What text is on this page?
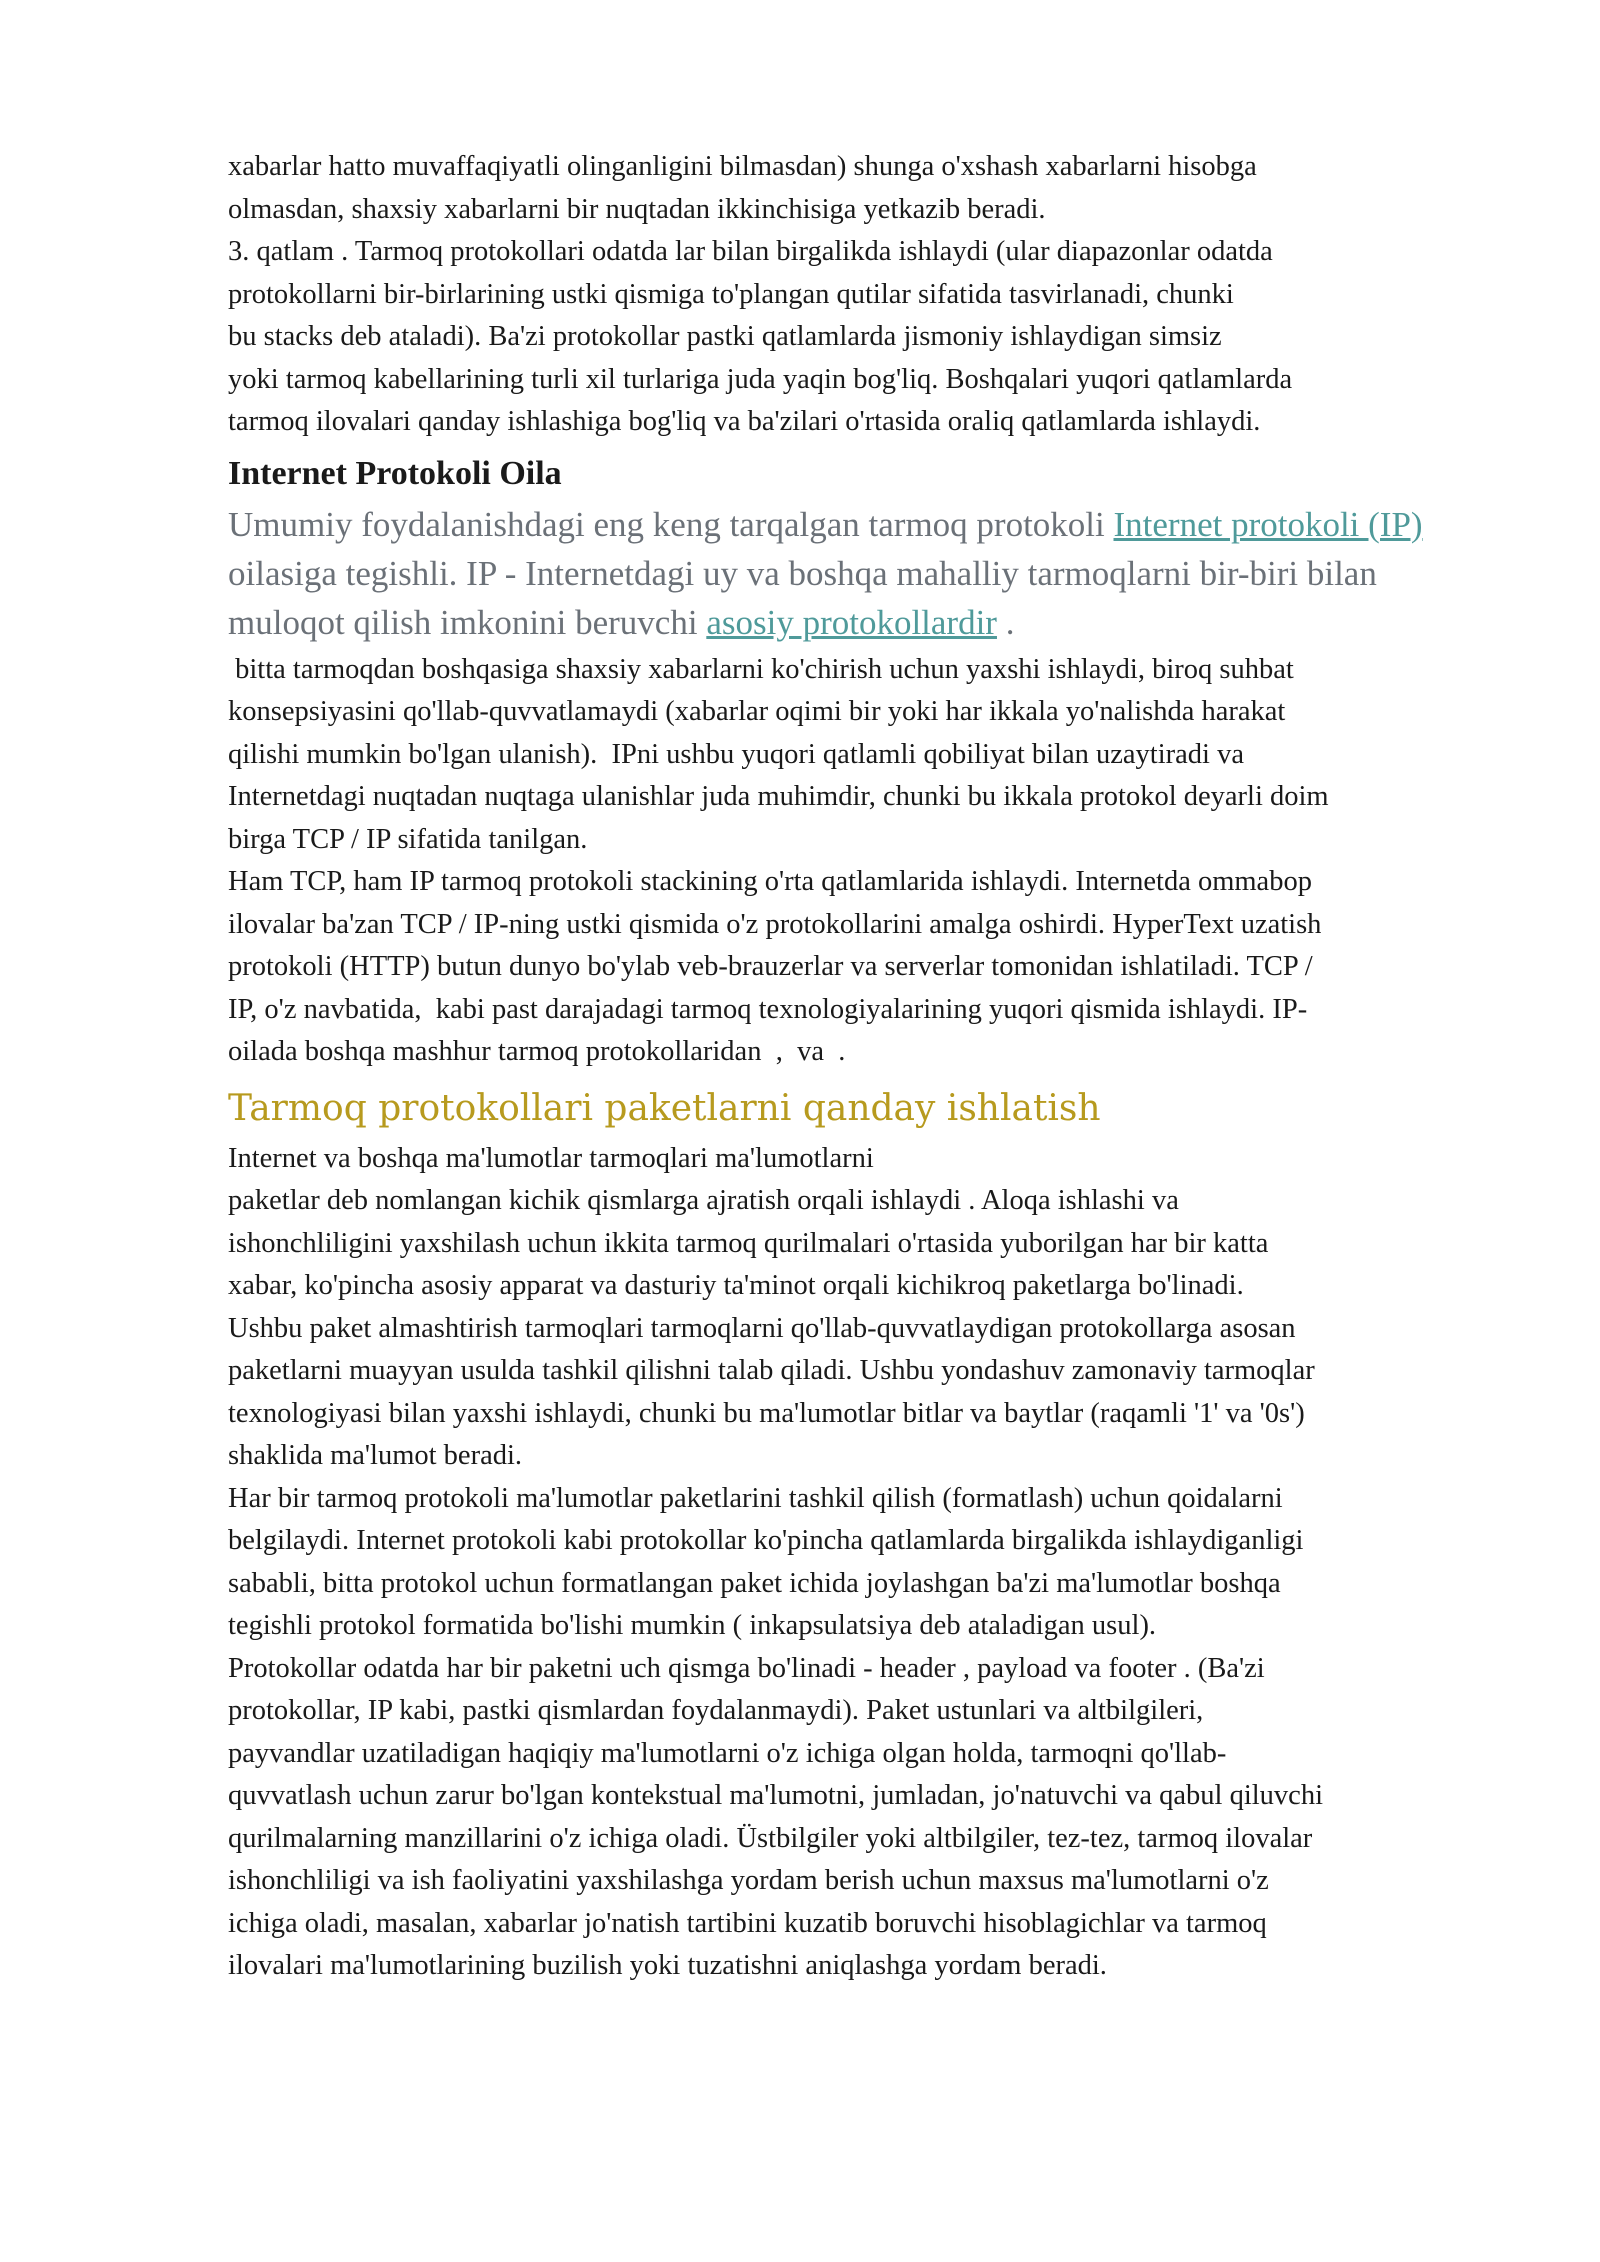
xabarlar hatto muvaffaqiyatli olinganligini bilmasdan) shunga o'xshash xabarlarni hisobga
olmasdan, shaxsiy xabarlarni bir nuqtadan ikkinchisiga yetkazib beradi.
3. qatlam . Tarmoq protokollari odatda lar bilan birgalikda ishlaydi (ular diapazonlar odatda
protokollarni bir-birlarining ustki qismiga to'plangan qutilar sifatida tasvirlanadi, chunki
bu stacks deb ataladi). Ba'zi protokollar pastki qatlamlarda jismoniy ishlaydigan simsiz
yoki tarmoq kabellarining turli xil turlariga juda yaqin bog'liq. Boshqalari yuqori qatlamlarda
tarmoq ilovalari qanday ishlashiga bog'liq va ba'zilari o'rtasida oraliq qatlamlarda ishlaydi.
Internet Protokoli Oila

Umumiy foydalanishdagi eng keng tarqalgan tarmoq protokoli Internet protokoli (IP) oilasiga tegishli. IP - Internetdagi uy va boshqa mahalliy tarmoqlarni bir-biri bilan muloqot qilish imkonini beruvchi asosiy protokollardir .

bitta tarmoqdan boshqasiga shaxsiy xabarlarni ko'chirish uchun yaxshi ishlaydi, biroq suhbat
konsepsiyasini qo'llab-quvvatlamaydi (xabarlar oqimi bir yoki har ikkala yo'nalishda harakat
qilishi mumkin bo'lgan ulanish).  IPni ushbu yuqori qatlamli qobiliyat bilan uzaytiradi va
Internetdagi nuqtadan nuqtaga ulanishlar juda muhimdir, chunki bu ikkala protokol deyarli doim
birga TCP / IP sifatida tanilgan.
Ham TCP, ham IP tarmoq protokoli stackining o'rta qatlamlarida ishlaydi. Internetda ommabop
ilovalar ba'zan TCP / IP-ning ustki qismida o'z protokollarini amalga oshirdi. HyperText uzatish
protokoli (HTTP) butun dunyo bo'ylab veb-brauzerlar va serverlar tomonidan ishlatiladi. TCP /
IP, o'z navbatida,  kabi past darajadagi tarmoq texnologiyalarining yuqori qismida ishlaydi. IP-
oilada boshqa mashhur tarmoq protokollaridan  ,  va  .
Tarmoq protokollari paketlarni qanday ishlatish
Internet va boshqa ma'lumotlar tarmoqlari ma'lumotlarni
paketlar deb nomlangan kichik qismlarga ajratish orqali ishlaydi . Aloqa ishlashi va
ishonchliligini yaxshilash uchun ikkita tarmoq qurilmalari o'rtasida yuborilgan har bir katta
xabar, ko'pincha asosiy apparat va dasturiy ta'minot orqali kichikroq paketlarga bo'linadi.
Ushbu paket almashtirish tarmoqlari tarmoqlarni qo'llab-quvvatlaydigan protokollarga asosan
paketlarni muayyan usulda tashkil qilishni talab qiladi. Ushbu yondashuv zamonaviy tarmoqlar
texnologiyasi bilan yaxshi ishlaydi, chunki bu ma'lumotlar bitlar va baytlar (raqamli '1' va '0s')
shaklida ma'lumot beradi.
Har bir tarmoq protokoli ma'lumotlar paketlarini tashkil qilish (formatlash) uchun qoidalarni
belgilaydi. Internet protokoli kabi protokollar ko'pincha qatlamlarda birgalikda ishlaydiganligi
sababli, bitta protokol uchun formatlangan paket ichida joylashgan ba'zi ma'lumotlar boshqa
tegishli protokol formatida bo'lishi mumkin ( inkapsulatsiya deb ataladigan usul).
Protokollar odatda har bir paketni uch qismga bo'linadi - header , payload va footer . (Ba'zi
protokollar, IP kabi, pastki qismlardan foydalanmaydi). Paket ustunlari va altbilgileri,
payvandlar uzatiladigan haqiqiy ma'lumotlarni o'z ichiga olgan holda, tarmoqni qo'llab-
quvvatlash uchun zarur bo'lgan kontekstual ma'lumotni, jumladan, jo'natuvchi va qabul qiluvchi
qurilmalarning manzillarini o'z ichiga oladi. Üstbilgiler yoki altbilgiler, tez-tez, tarmoq ilovalar
ishonchliligi va ish faoliyatini yaxshilashga yordam berish uchun maxsus ma'lumotlarni o'z
ichiga oladi, masalan, xabarlar jo'natish tartibini kuzatib boruvchi hisoblagichlar va tarmoq
ilovalari ma'lumotlarining buzilish yoki tuzatishni aniqlashga yordam beradi.
